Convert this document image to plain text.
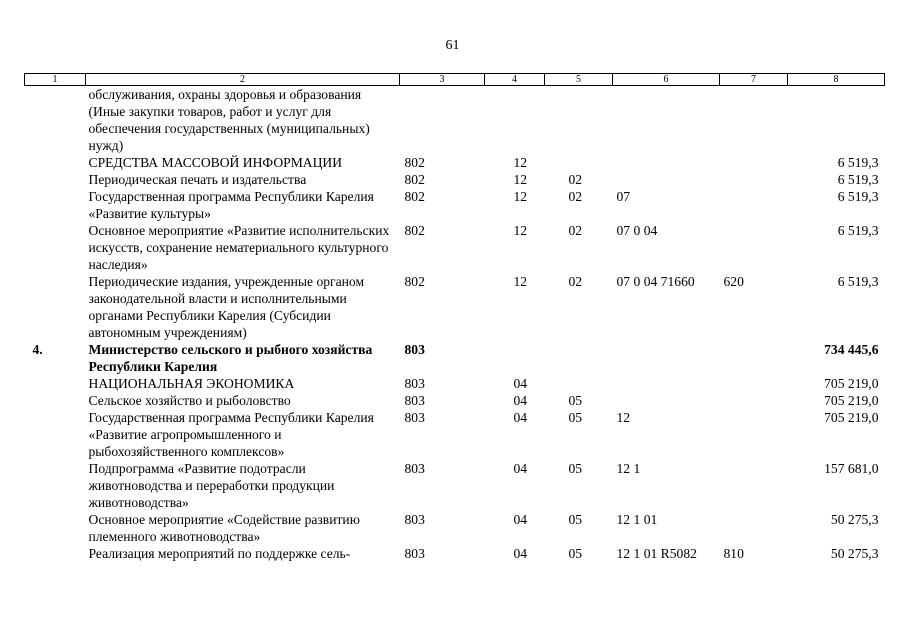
61
1	2	3	4	5	6	7	8
	обслуживания, охраны здоровья и образования (Иные закупки товаров, работ и услуг для обеспечения государственных (муниципальных) нужд)						
	СРЕДСТВА МАССОВОЙ ИНФОРМАЦИИ	802	12				6 519,3
	Периодическая печать и издательства	802	12	02			6 519,3
	Государственная программа Республики Карелия «Развитие культуры»	802	12	02	07		6 519,3
	Основное мероприятие «Развитие исполнительских искусств, сохранение нематериального культурного наследия»	802	12	02	07 0 04		6 519,3
	Периодические издания, учрежденные органом законодательной власти и исполнительными органами Республики Карелия (Субсидии автономным учреждениям)	802	12	02	07 0 04 71660	620	6 519,3
4.	Министерство сельского и рыбного хозяйства Республики Карелия	803					734 445,6
	НАЦИОНАЛЬНАЯ ЭКОНОМИКА	803	04				705 219,0
	Сельское хозяйство и рыболовство	803	04	05			705 219,0
	Государственная программа Республики Карелия «Развитие агропромышленного и рыбохозяйственного комплексов»	803	04	05	12		705 219,0
	Подпрограмма «Развитие подотрасли животноводства и переработки продукции животноводства»	803	04	05	12 1		157 681,0
	Основное мероприятие «Содействие развитию племенного животноводства»	803	04	05	12 1 01		50 275,3
	Реализация мероприятий по поддержке сель-	803	04	05	12 1 01 R5082	810	50 275,3
